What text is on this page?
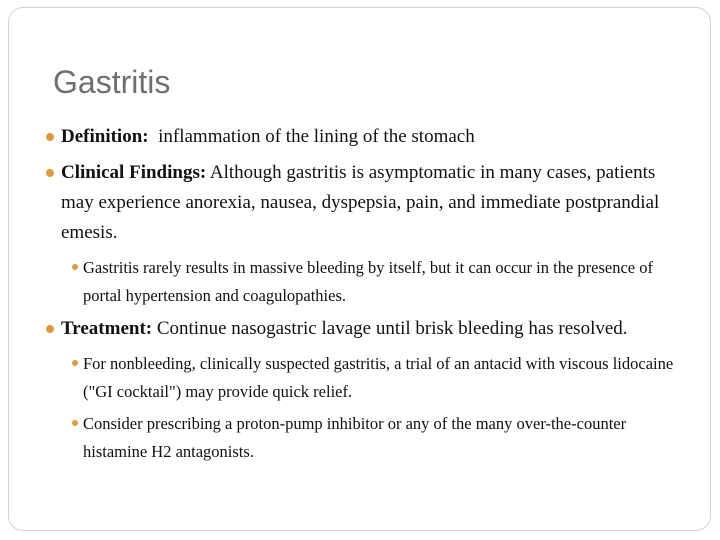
Gastritis

Definition:  inflammation of the lining of the stomach

Clinical Findings: Although gastritis is asymptomatic in many cases, patients may experience anorexia, nausea, dyspepsia, pain, and immediate postprandial emesis.

Gastritis rarely results in massive bleeding by itself, but it can occur in the presence of portal hypertension and coagulopathies.

Treatment: Continue nasogastric lavage until brisk bleeding has resolved.

For nonbleeding, clinically suspected gastritis, a trial of an antacid with viscous lidocaine ("GI cocktail") may provide quick relief.

Consider prescribing a proton-pump inhibitor or any of the many over-the-counter histamine H2 antagonists.
